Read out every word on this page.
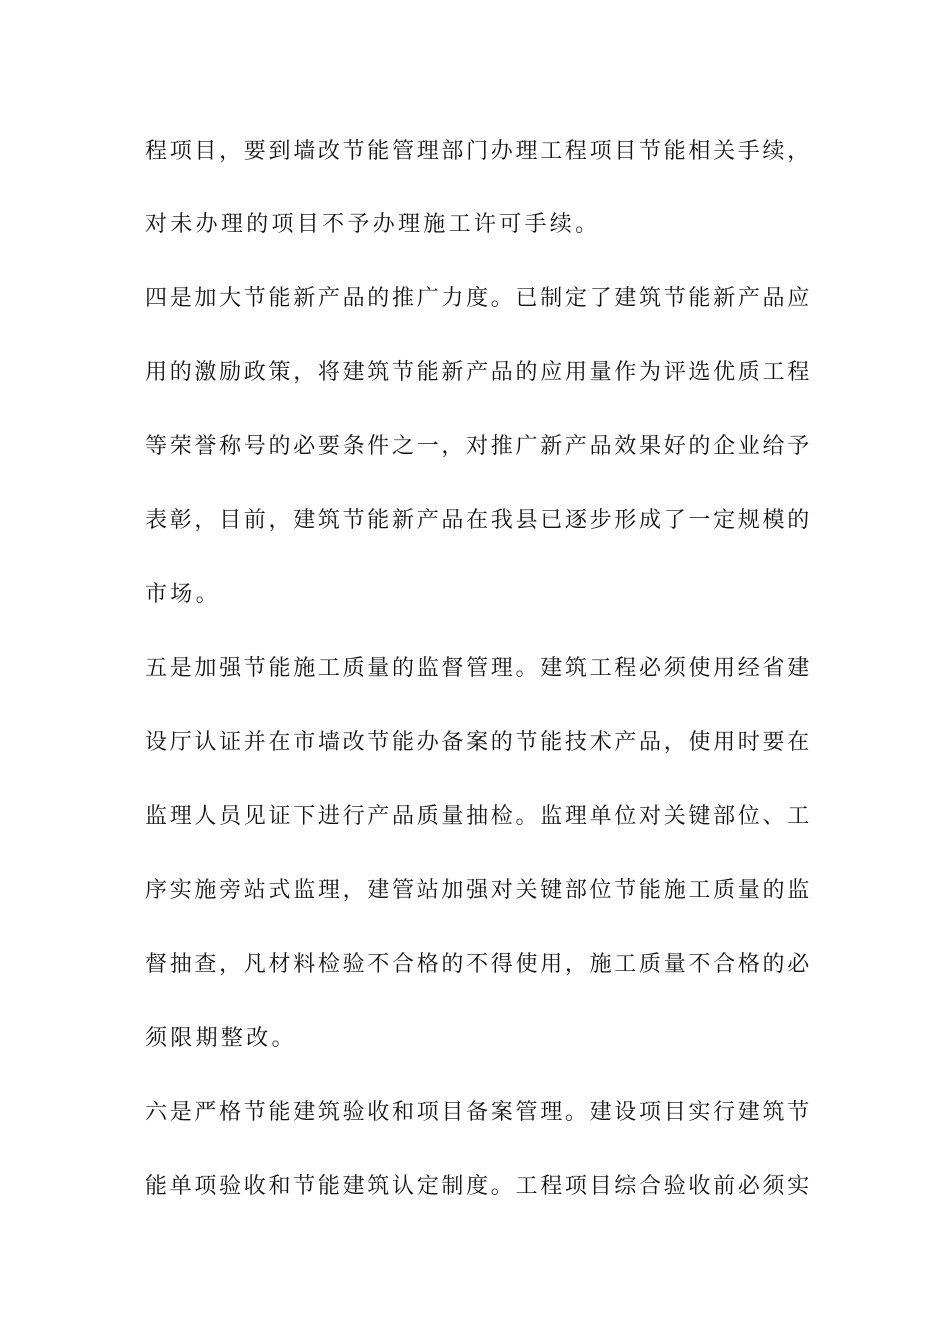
程项目，要到墙改节能管理部门办理工程项目节能相关手续，
对未办理的项目不予办理施工许可手续。
四是加大节能新产品的推广力度。已制定了建筑节能新产品应
用的激励政策，将建筑节能新产品的应用量作为评选优质工程
等荣誉称号的必要条件之一，对推广新产品效果好的企业给予
表彰，目前，建筑节能新产品在我县已逐步形成了一定规模的
市场。
五是加强节能施工质量的监督管理。建筑工程必须使用经省建
设厅认证并在市墙改节能办备案的节能技术产品，使用时要在
监理人员见证下进行产品质量抽检。监理单位对关键部位、工
序实施旁站式监理，建管站加强对关键部位节能施工质量的监
督抽查，凡材料检验不合格的不得使用，施工质量不合格的必
须限期整改。
六是严格节能建筑验收和项目备案管理。建设项目实行建筑节
能单项验收和节能建筑认定制度。工程项目综合验收前必须实
